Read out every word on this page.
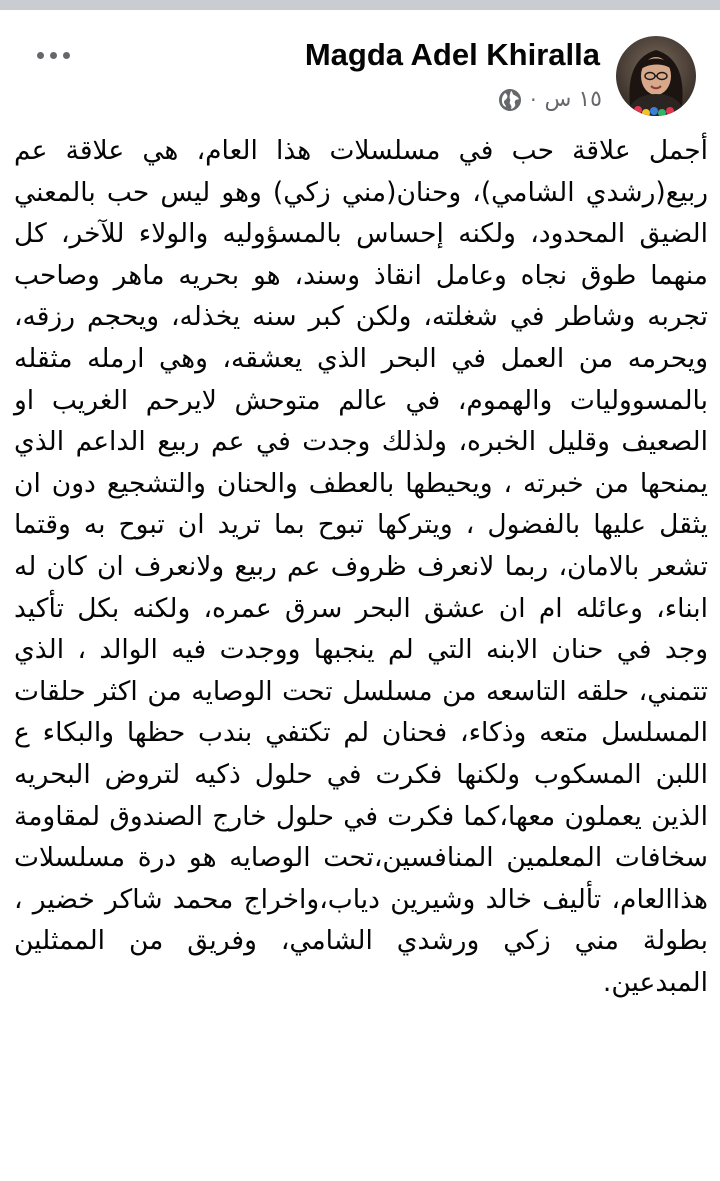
Magda Adel Khiralla
· ١٥ س

أجمل علاقة حب في مسلسلات هذا العام، هي علاقة عم ربيع(رشدي الشامي)، وحنان(مني زكي) وهو ليس حب بالمعني الضيق المحدود، ولكنه إحساس بالمسؤوليه والولاء للآخر، كل منهما طوق نجاه وعامل انقاذ وسند، هو بحريه ماهر وصاحب تجربه وشاطر في شغلته، ولكن كبر سنه يخذله، ويحجم رزقه، ويحرمه من العمل في البحر الذي يعشقه، وهي ارمله مثقله بالمسووليات والهموم، في عالم متوحش لايرحم الغريب او الصعيف وقليل الخبره، ولذلك وجدت في عم ربيع الداعم الذي يمنحها من خبرته ، ويحيطها بالعطف والحنان والتشجيع دون ان يثقل عليها بالفضول ، ويتركها تبوح بما تريد ان تبوح به وقتما تشعر بالامان، ربما لانعرف ظروف عم ربيع ولانعرف ان كان له ابناء، وعائله ام ان عشق البحر سرق عمره، ولكنه بكل تأكيد وجد في حنان الابنه التي لم ينجبها ووجدت فيه الوالد ، الذي تتمني، حلقه التاسعه من مسلسل تحت الوصايه من اكثر حلقات المسلسل متعه وذكاء، فحنان لم تكتفي بندب حظها والبكاء ع اللبن المسكوب ولكنها فكرت في حلول ذكيه لتروض البحريه الذين يعملون معها،كما فكرت في حلول خارج الصندوق لمقاومة سخافات المعلمين المنافسين،تحت الوصايه هو درة مسلسلات هذاالعام، تأليف خالد وشيرين دياب،واخراج محمد شاكر خضير ، بطولة مني زكي ورشدي الشامي، وفريق من الممثلين المبدعين.
